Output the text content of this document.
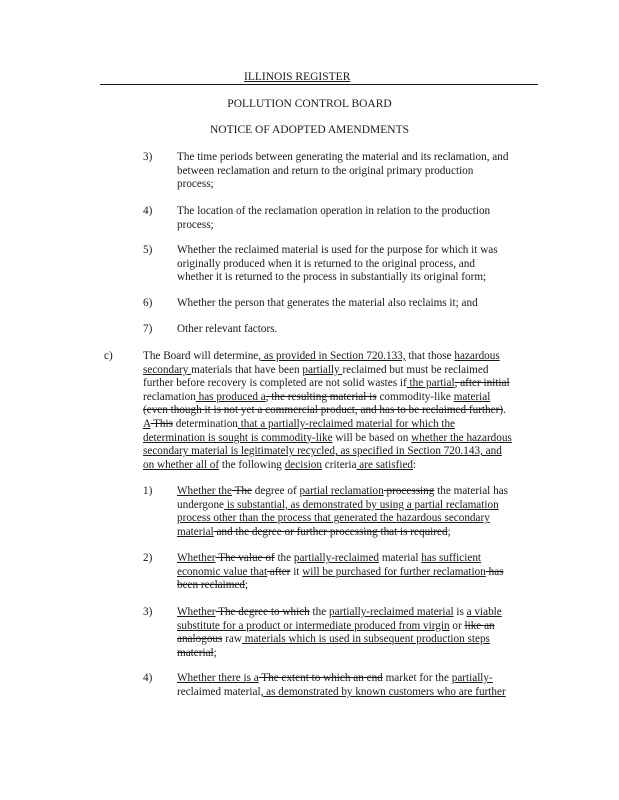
ILLINOIS REGISTER
POLLUTION CONTROL BOARD
NOTICE OF ADOPTED AMENDMENTS
3) The time periods between generating the material and its reclamation, and
between reclamation and return to the original primary production
process;
4) The location of the reclamation operation in relation to the production
process;
5) Whether the reclaimed material is used for the purpose for which it was
originally produced when it is returned to the original process, and
whether it is returned to the process in substantially its original form;
6) Whether the person that generates the material also reclaims it; and
7) Other relevant factors.
c)	The Board will determine, as provided in Section 720.133, that those hazardous
secondary materials that have been partially reclaimed but must be reclaimed
further before recovery is completed are not solid wastes if the partial, after initial
reclamation has produced a, the resulting material is commodity-like material
(even though it is not yet a commercial product, and has to be reclaimed further).
A This determination that a partially-reclaimed material for which the
determination is sought is commodity-like will be based on whether the hazardous
secondary material is legitimately recycled, as specified in Section 720.143, and
on whether all of the following decision criteria are satisfied:
1) Whether the The degree of partial reclamation processing the material has
undergone is substantial, as demonstrated by using a partial reclamation
process other than the process that generated the hazardous secondary
material and the degree or further processing that is required;
2) Whether The value of the partially-reclaimed material has sufficient
economic value that after it will be purchased for further reclamation has
been reclaimed;
3) Whether The degree to which the partially-reclaimed material is a viable
substitute for a product or intermediate produced from virgin or like an
analogous raw materials which is used in subsequent production steps
material;
4) Whether there is a The extent to which an end market for the partially-
reclaimed material, as demonstrated by known customers who are further
